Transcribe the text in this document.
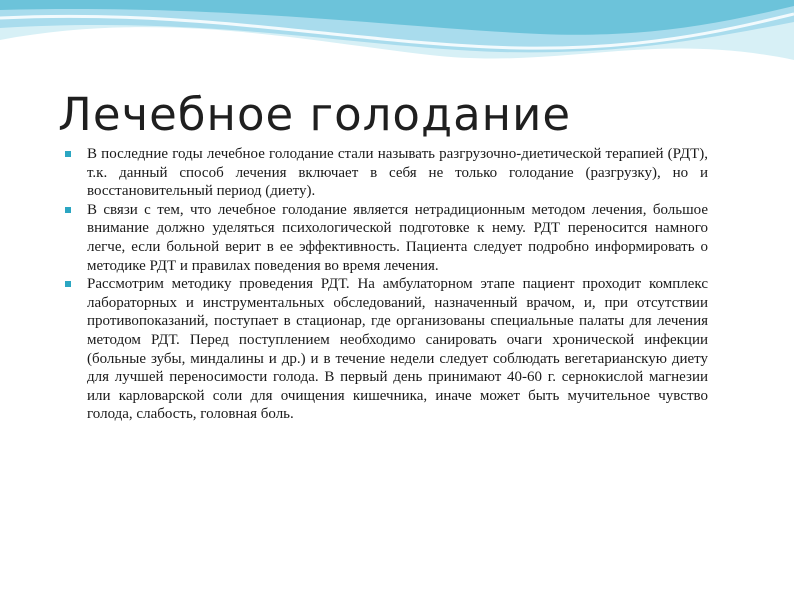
Лечебное голодание
В последние годы лечебное голодание стали называть разгрузочно-диетической терапией (РДТ), т.к. данный способ лечения включает в себя не только голодание (разгрузку), но и восстановительный период (диету).
В связи с тем, что лечебное голодание является нетрадиционным методом лечения, большое внимание должно уделяться психологической подготовке к нему. РДТ переносится намного легче, если больной верит в ее эффективность. Пациента следует подробно информировать о методике РДТ и правилах поведения во время лечения.
Рассмотрим методику проведения РДТ. На амбулаторном этапе пациент проходит комплекс лабораторных и инструментальных обследований, назначенный врачом, и, при отсутствии противопоказаний, поступает в стационар, где организованы специальные палаты для лечения методом РДТ. Перед поступлением необходимо санировать очаги хронической инфекции (больные зубы, миндалины и др.) и в течение недели следует соблюдать вегетарианскую диету для лучшей переносимости голода. В первый день принимают 40-60 г. сернокислой магнезии или карловарской соли для очищения кишечника, иначе может быть мучительное чувство голода, слабость, головная боль.
